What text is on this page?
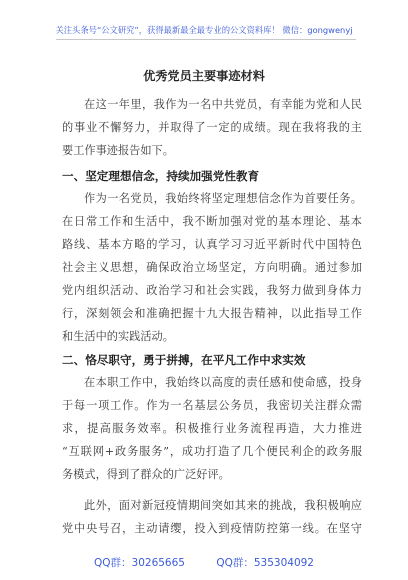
关注头条号“公文研究”，获得最新最全最专业的公文资料库！ 微信：gongwenyj
优秀党员主要事迹材料
在这一年里，我作为一名中共党员，有幸能为党和人民
的事业不懈努力，并取得了一定的成绩。现在我将我的主
要工作事迹报告如下。
一、坚定理想信念，持续加强党性教育
作为一名党员，我始终将坚定理想信念作为首要任务。
在日常工作和生活中，我不断加强对党的基本理论、基本
路线、基本方略的学习，认真学习习近平新时代中国特色
社会主义思想，确保政治立场坚定，方向明确。通过参加
党内组织活动、政治学习和社会实践，我努力做到身体力
行，深刻领会和准确把握十九大报告精神，以此指导工作
和生活中的实践活动。
二、恪尽职守，勇于拼搏，在平凡工作中求实效
在本职工作中，我始终以高度的责任感和使命感，投身
于每一项工作。作为一名基层公务员，我密切关注群众需
求，提高服务效率。积极推行业务流程再造，大力推进
“互联网+政务服务”，成功打造了几个便民利企的政务服
务模式，得到了群众的广泛好评。
此外，面对新冠疫情期间突如其来的挑战，我积极响应
党中央号召，主动请缨，投入到疫情防控第一线。在坚守
QQ群：30265665	QQ群：535304092
